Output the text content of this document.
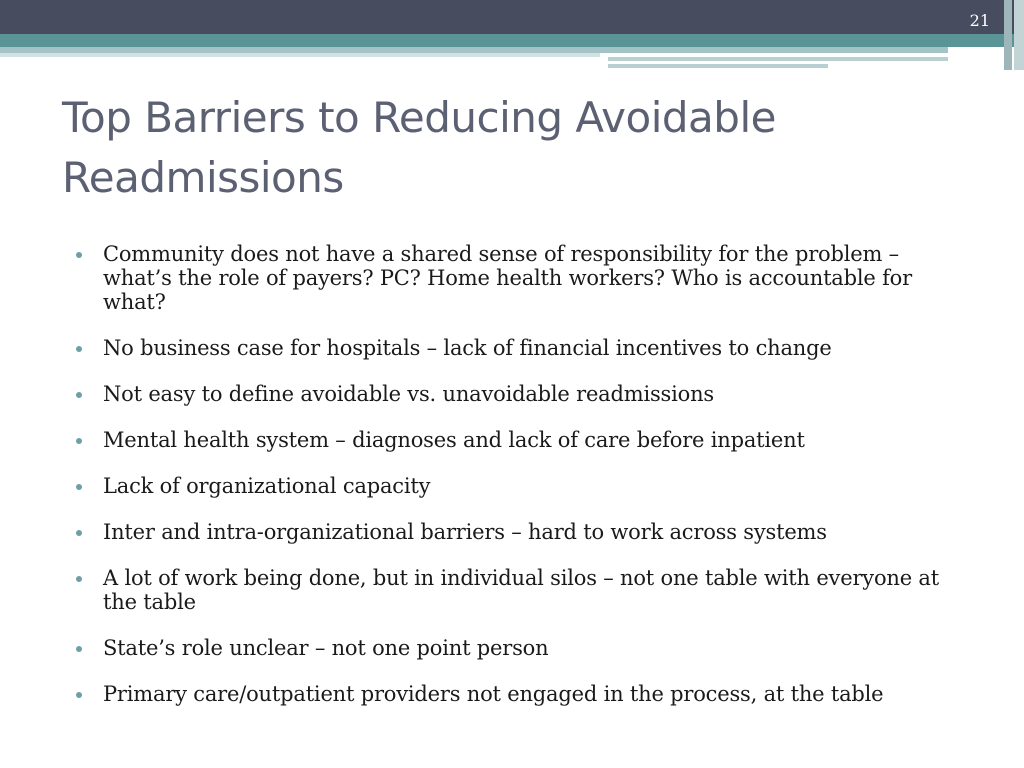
21
Top Barriers to Reducing Avoidable Readmissions
Community does not have a shared sense of responsibility for the problem – what’s the role of payers? PC? Home health workers? Who is accountable for what?
No business case for hospitals – lack of financial incentives to change
Not easy to define avoidable vs. unavoidable readmissions
Mental health system – diagnoses and lack of care before inpatient
Lack of organizational capacity
Inter and intra-organizational barriers – hard to work across systems
A lot of work being done, but in individual silos – not one table with everyone at the table
State’s role unclear – not one point person
Primary care/outpatient providers not engaged in the process, at the table
